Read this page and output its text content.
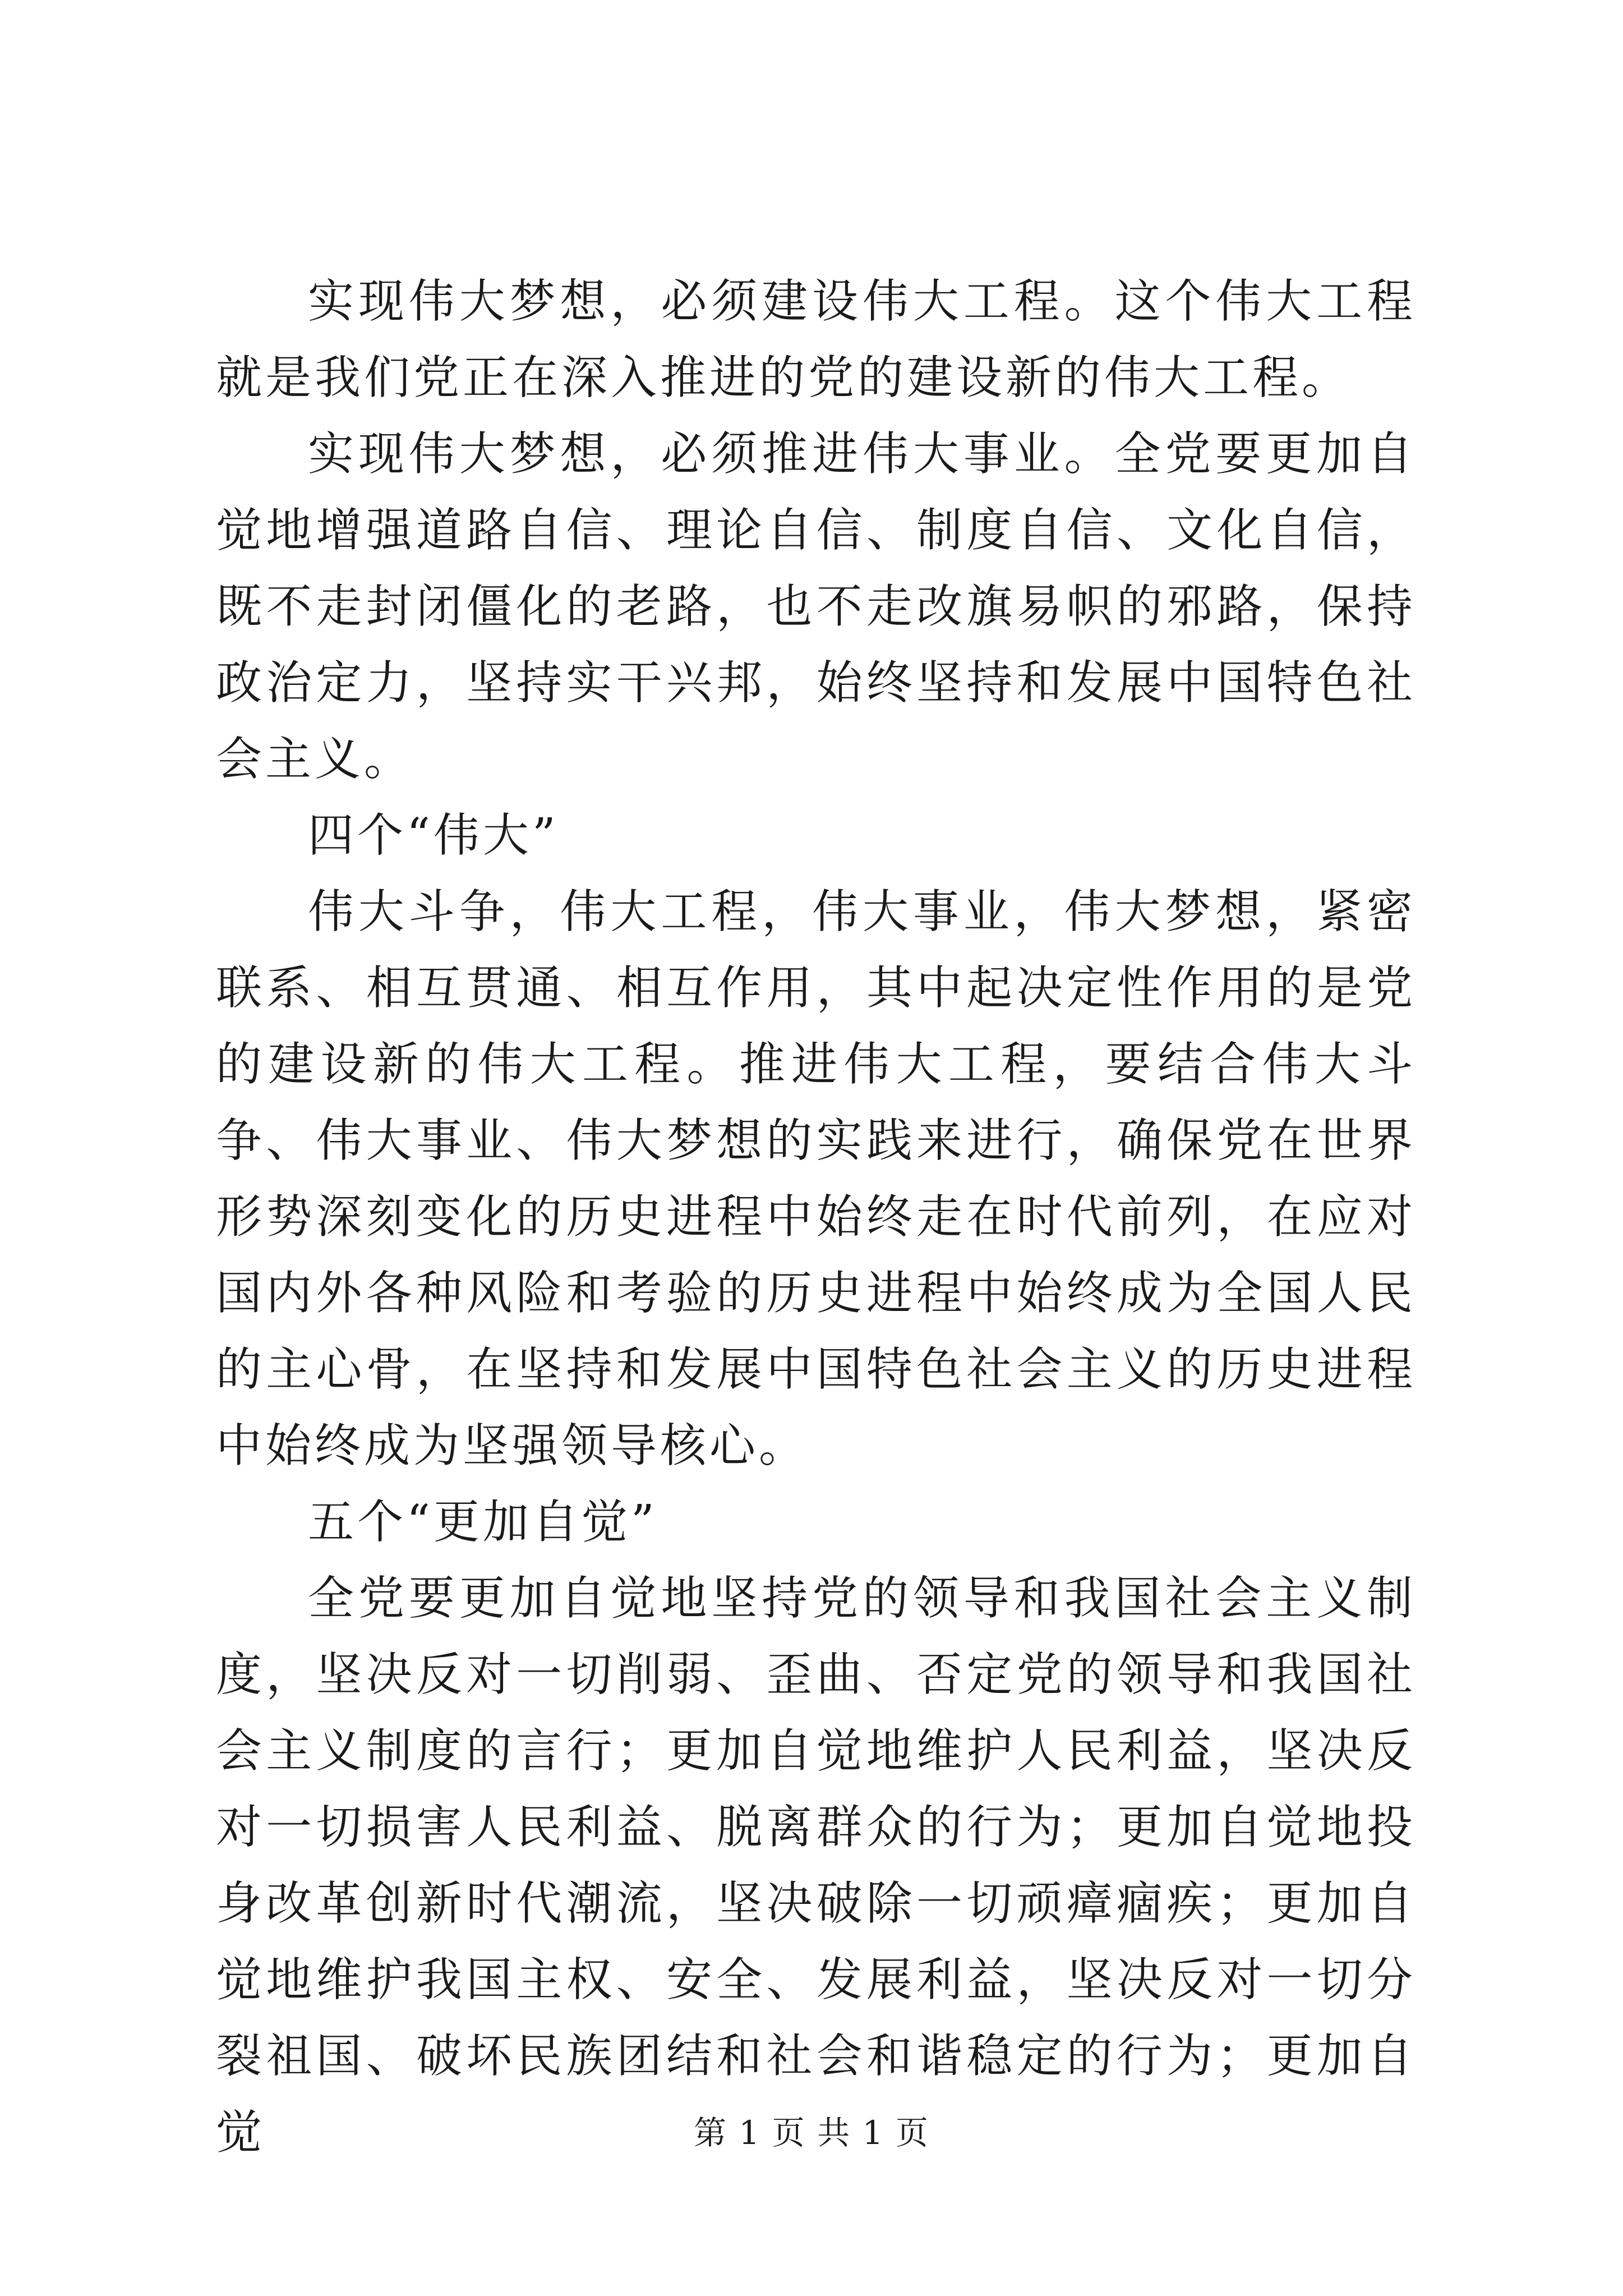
实现伟大梦想，必须建设伟大工程。这个伟大工程就是我们党正在深入推进的党的建设新的伟大工程。

实现伟大梦想，必须推进伟大事业。全党要更加自觉地增强道路自信、理论自信、制度自信、文化自信，既不走封闭僵化的老路，也不走改旗易帜的邪路，保持政治定力，坚持实干兴邦，始终坚持和发展中国特色社会主义。

四个“伟大”

伟大斗争，伟大工程，伟大事业，伟大梦想，紧密联系、相互贯通、相互作用，其中起决定性作用的是党的建设新的伟大工程。推进伟大工程，要结合伟大斗争、伟大事业、伟大梦想的实践来进行，确保党在世界形势深刻变化的历史进程中始终走在时代前列，在应对国内外各种风险和考验的历史进程中始终成为全国人民的主心骨，在坚持和发展中国特色社会主义的历史进程中始终成为坚强领导核心。

五个“更加自觉”

全党要更加自觉地坚持党的领导和我国社会主义制度，坚决反对一切削弱、歪曲、否定党的领导和我国社会主义制度的言行；更加自觉地维护人民利益，坚决反对一切损害人民利益、脱离群众的行为；更加自觉地投身改革创新时代潮流，坚决破除一切顽瘴痼疾；更加自觉地维护我国主权、安全、发展利益，坚决反对一切分裂祖国、破坏民族团结和社会和谐稳定的行为；更加自觉	第 1 页 共 1 页
